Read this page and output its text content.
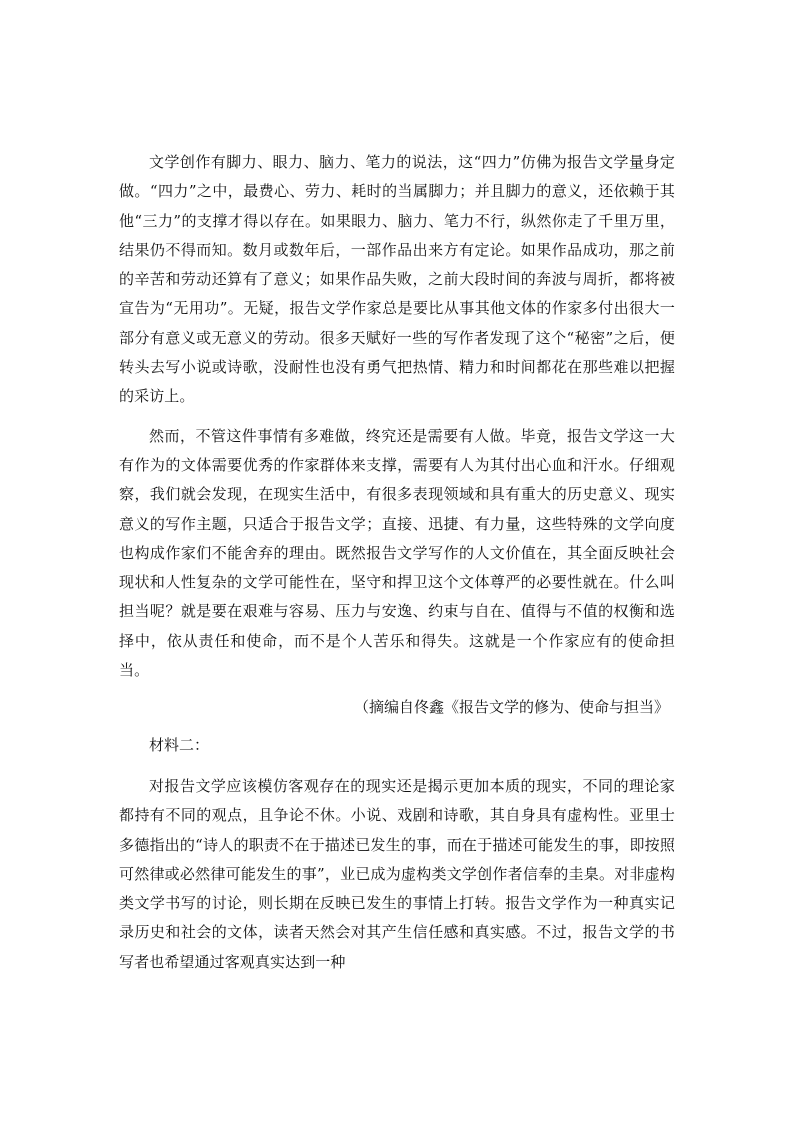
文学创作有脚力、眼力、脑力、笔力的说法，这“四力”仿佛为报告文学量身定做。“四力”之中，最费心、劳力、耗时的当属脚力；并且脚力的意义，还依赖于其他“三力”的支撑才得以存在。如果眼力、脑力、笔力不行，纵然你走了千里万里，结果仍不得而知。数月或数年后，一部作品出来方有定论。如果作品成功，那之前的辛苦和劳动还算有了意义；如果作品失败，之前大段时间的奔波与周折，都将被宣告为“无用功”。无疑，报告文学作家总是要比从事其他文体的作家多付出很大一部分有意义或无意义的劳动。很多天赋好一些的写作者发现了这个“秘密”之后，便转头去写小说或诗歌，没耐性也没有勇气把热情、精力和时间都花在那些难以把握的采访上。

然而，不管这件事情有多难做，终究还是需要有人做。毕竟，报告文学这一大有作为的文体需要优秀的作家群体来支撑，需要有人为其付出心血和汗水。仔细观察，我们就会发现，在现实生活中，有很多表现领域和具有重大的历史意义、现实意义的写作主题，只适合于报告文学；直接、迅捷、有力量，这些特殊的文学向度也构成作家们不能舍弃的理由。既然报告文学写作的人文价值在，其全面反映社会现状和人性复杂的文学可能性在，坚守和捍卫这个文体尊严的必要性就在。什么叫担当呢？就是要在艰难与容易、压力与安逸、约束与自在、值得与不值的权衡和选择中，依从责任和使命，而不是个人苦乐和得失。这就是一个作家应有的使命担当。

（摘编自佟鑫《报告文学的修为、使命与担当》

材料二：

对报告文学应该模仿客观存在的现实还是揭示更加本质的现实，不同的理论家都持有不同的观点，且争论不休。小说、戏剧和诗歌，其自身具有虚构性。亚里士多德指出的“诗人的职责不在于描述已发生的事，而在于描述可能发生的事，即按照可然律或必然律可能发生的事”，业已成为虚构类文学创作者信奉的圭臬。对非虚构类文学书写的讨论，则长期在反映已发生的事情上打转。报告文学作为一种真实记录历史和社会的文体，读者天然会对其产生信任感和真实感。不过，报告文学的书写者也希望通过客观真实达到一种
